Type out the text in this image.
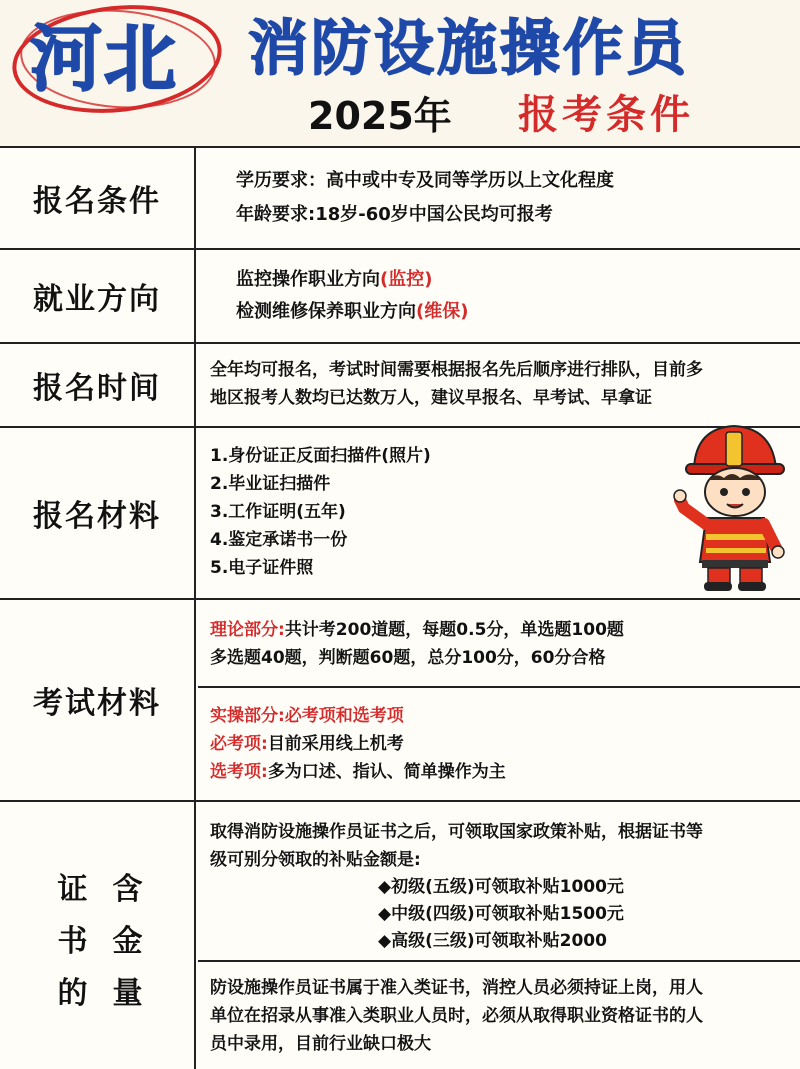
河北 消防设施操作员
2025年 报考条件
报名条件
学历要求：高中或中专及同等学历以上文化程度
年龄要求:18岁-60岁中国公民均可报考
就业方向
监控操作职业方向(监控)
检测维修保养职业方向(维保)
报名时间
全年均可报名，考试时间需要根据报名先后顺序进行排队，目前多
地区报考人数均已达数万人，建议早报名、早考试、早拿证
报名材料
1.身份证正反面扫描件(照片)
2.毕业证扫描件
3.工作证明(五年)
4.鉴定承诺书一份
5.电子证件照
考试材料
理论部分:共计考200道题，每题0.5分，单选题100题
多选题40题，判断题60题，总分100分，60分合格
实操部分:必考项和选考项
必考项:目前采用线上机考
选考项:多为口述、指认、简单操作为主
证 含
书 金
的 量
取得消防设施操作员证书之后，可领取国家政策补贴，根据证书等
级可别分领取的补贴金额是:
◆初级(五级)可领取补贴1000元
◆中级(四级)可领取补贴1500元
◆高级(三级)可领取补贴2000
防设施操作员证书属于准入类证书，消控人员必须持证上岗，用人
单位在招录从事准入类职业人员时，必须从取得职业资格证书的人
员中录用，目前行业缺口极大
